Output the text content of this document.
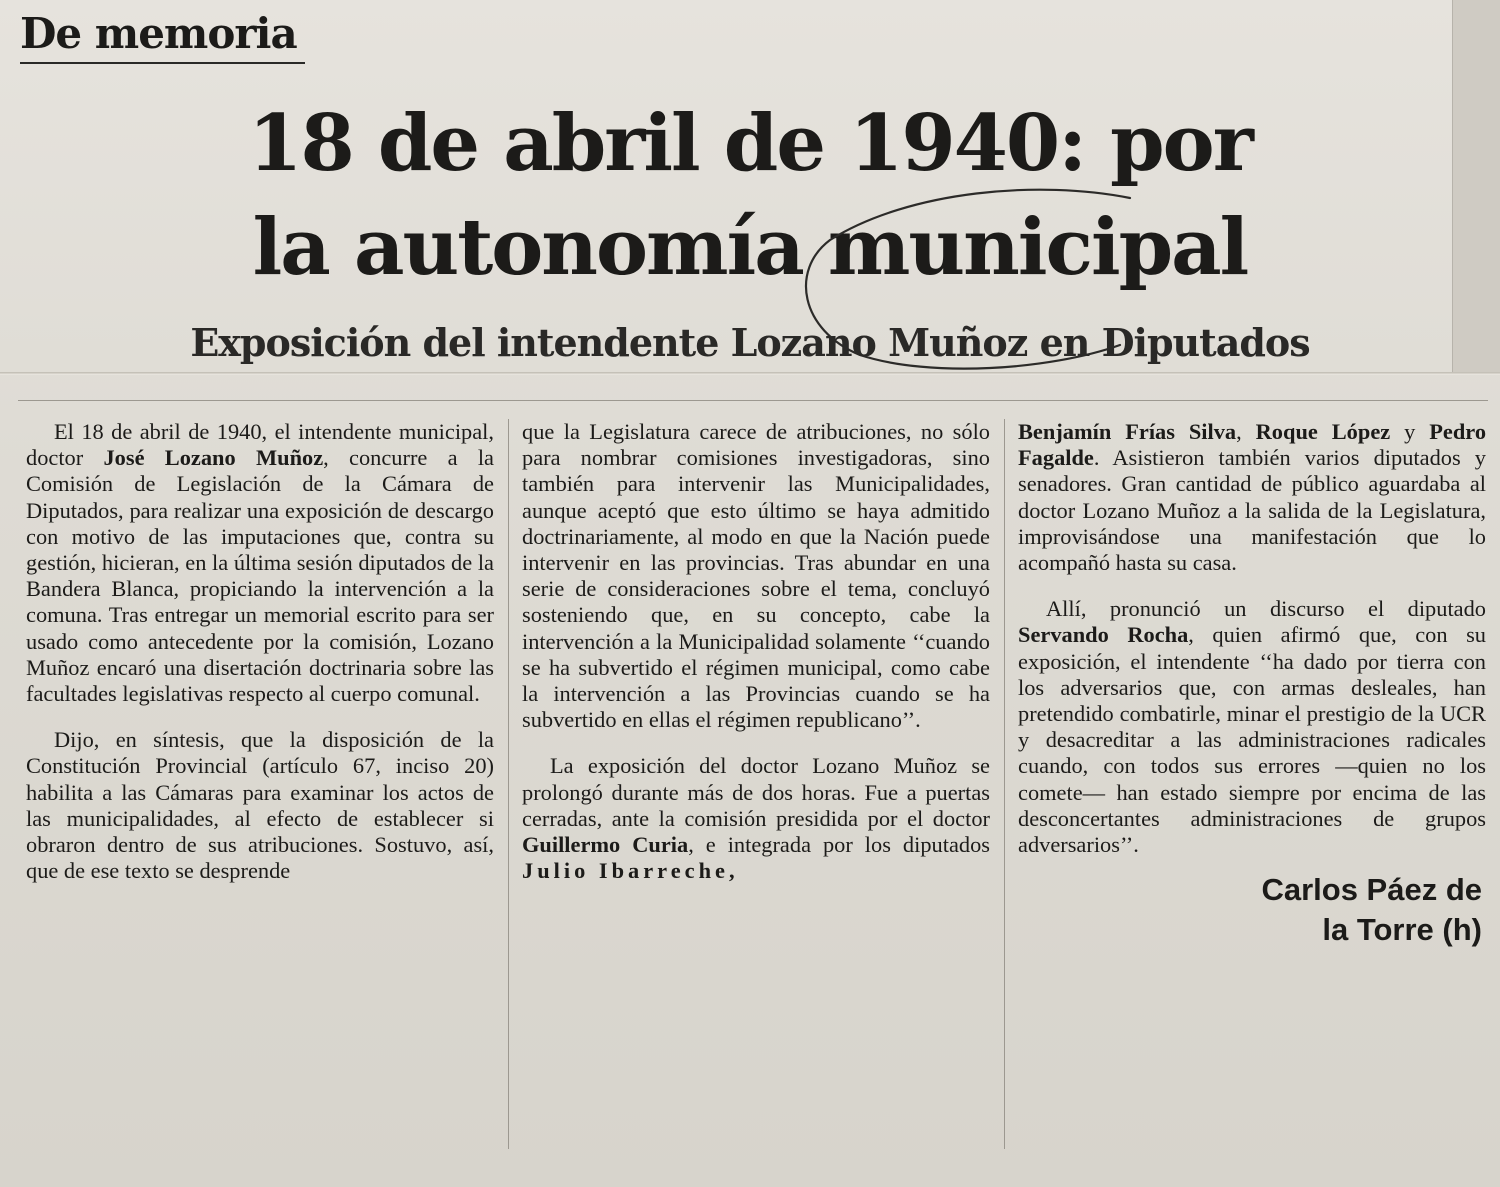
De memoria
18 de abril de 1940: por
la autonomía municipal
Exposición del intendente Lozano Muñoz en Diputados

El 18 de abril de 1940, el intendente municipal, doctor José Lozano Muñoz, concurre a la Comisión de Legislación de la Cámara de Diputados, para realizar una exposición de descargo con motivo de las imputaciones que, contra su gestión, hicieran, en la última sesión diputados de la Bandera Blanca, propiciando la intervención a la comuna. Tras entregar un memorial escrito para ser usado como antecedente por la comisión, Lozano Muñoz encaró una disertación doctrinaria sobre las facultades legislativas respecto al cuerpo comunal.

Dijo, en síntesis, que la disposición de la Constitución Provincial (artículo 67, inciso 20) habilita a las Cámaras para examinar los actos de las municipalidades, al efecto de establecer si obraron dentro de sus atribuciones. Sostuvo, así, que de ese texto se desprende

que la Legislatura carece de atribuciones, no sólo para nombrar comisiones investigadoras, sino también para intervenir las Municipalidades, aunque aceptó que esto último se haya admitido doctrinariamente, al modo en que la Nación puede intervenir en las provincias. Tras abundar en una serie de consideraciones sobre el tema, concluyó sosteniendo que, en su concepto, cabe la intervención a la Municipalidad solamente ‘‘cuando se ha subvertido el régimen municipal, como cabe la intervención a las Provincias cuando se ha subvertido en ellas el régimen republicano’’.

La exposición del doctor Lozano Muñoz se prolongó durante más de dos horas. Fue a puertas cerradas, ante la comisión presidida por el doctor Guillermo Curia, e integrada por los diputados Julio Ibarreche,

Benjamín Frías Silva, Roque López y Pedro Fagalde. Asistieron también varios diputados y senadores. Gran cantidad de público aguardaba al doctor Lozano Muñoz a la salida de la Legislatura, improvisándose una manifestación que lo acompañó hasta su casa.

Allí, pronunció un discurso el diputado Servando Rocha, quien afirmó que, con su exposición, el intendente ‘‘ha dado por tierra con los adversarios que, con armas desleales, han pretendido combatirle, minar el prestigio de la UCR y desacreditar a las administraciones radicales cuando, con todos sus errores —quien no los comete— han estado siempre por encima de las desconcertantes administraciones de grupos adversarios’’.

Carlos Páez de
la Torre (h)
